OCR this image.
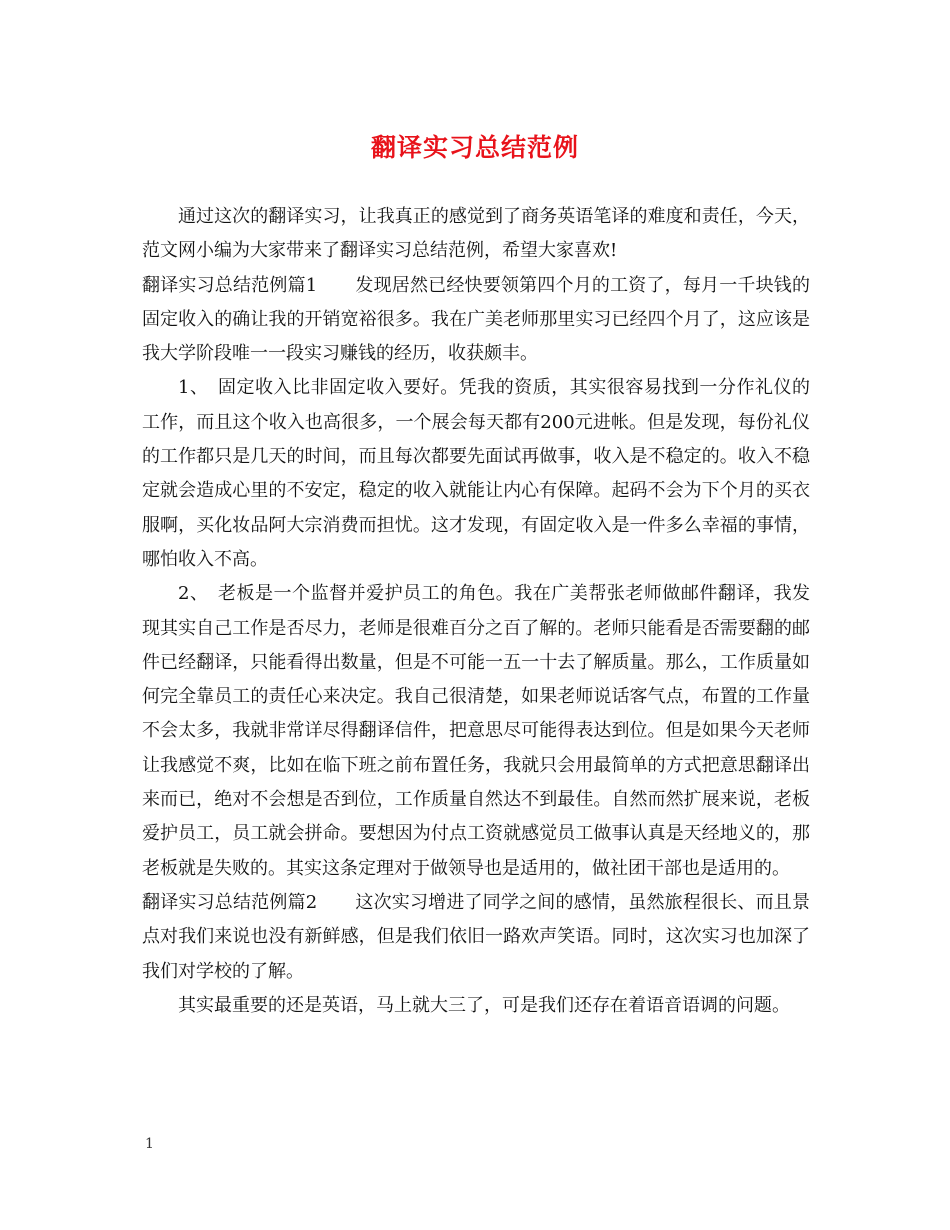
翻译实习总结范例

通过这次的翻译实习，让我真正的感觉到了商务英语笔译的难度和责任，今天，范文网小编为大家带来了翻译实习总结范例，希望大家喜欢!

翻译实习总结范例篇1 发现居然已经快要领第四个月的工资了，每月一千块钱的固定收入的确让我的开销宽裕很多。我在广美老师那里实习已经四个月了，这应该是我大学阶段唯一一段实习赚钱的经历，收获颇丰。

1、　固定收入比非固定收入要好。凭我的资质，其实很容易找到一分作礼仪的工作，而且这个收入也高很多，一个展会每天都有200元进帐。但是发现，每份礼仪的工作都只是几天的时间，而且每次都要先面试再做事，收入是不稳定的。收入不稳定就会造成心里的不安定，稳定的收入就能让内心有保障。起码不会为下个月的买衣服啊，买化妆品阿大宗消费而担忧。这才发现，有固定收入是一件多么幸福的事情，哪怕收入不高。

2、　老板是一个监督并爱护员工的角色。我在广美帮张老师做邮件翻译，我发现其实自己工作是否尽力，老师是很难百分之百了解的。老师只能看是否需要翻的邮件已经翻译，只能看得出数量，但是不可能一五一十去了解质量。那么，工作质量如何完全靠员工的责任心来决定。我自己很清楚，如果老师说话客气点，布置的工作量不会太多，我就非常详尽得翻译信件，把意思尽可能得表达到位。但是如果今天老师让我感觉不爽，比如在临下班之前布置任务，我就只会用最简单的方式把意思翻译出来而已，绝对不会想是否到位，工作质量自然达不到最佳。自然而然扩展来说，老板爱护员工，员工就会拼命。要想因为付点工资就感觉员工做事认真是天经地义的，那老板就是失败的。其实这条定理对于做领导也是适用的，做社团干部也是适用的。

翻译实习总结范例篇2 这次实习增进了同学之间的感情，虽然旅程很长、而且景点对我们来说也没有新鲜感，但是我们依旧一路欢声笑语。同时，这次实习也加深了我们对学校的了解。

其实最重要的还是英语，马上就大三了，可是我们还存在着语音语调的问题。

1
